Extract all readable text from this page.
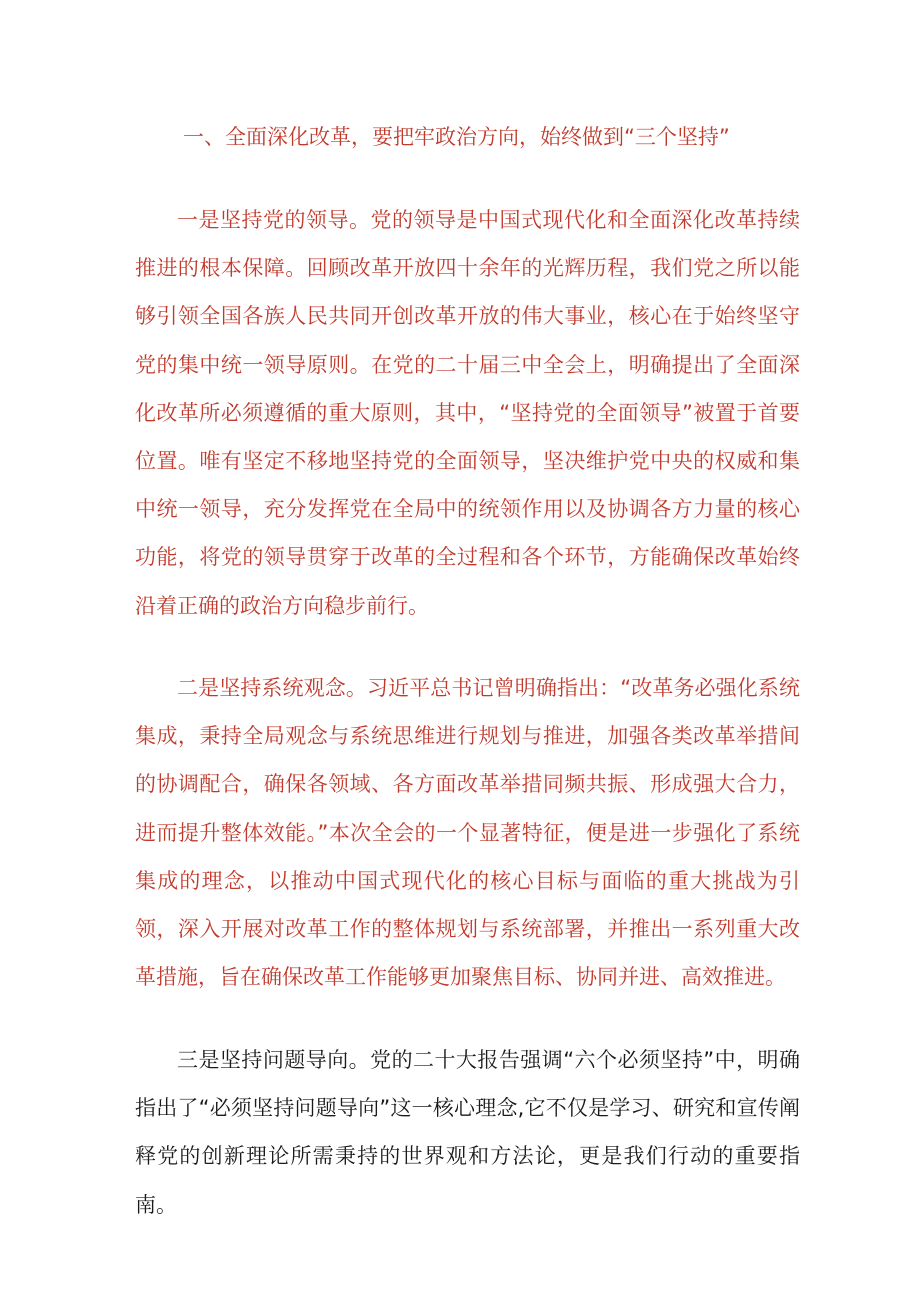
一、全面深化改革，要把牢政治方向，始终做到“三个坚持”

一是坚持党的领导。党的领导是中国式现代化和全面深化改革持续推进的根本保障。回顾改革开放四十余年的光辉历程，我们党之所以能够引领全国各族人民共同开创改革开放的伟大事业，核心在于始终坚守党的集中统一领导原则。在党的二十届三中全会上，明确提出了全面深化改革所必须遵循的重大原则，其中，“坚持党的全面领导”被置于首要位置。唯有坚定不移地坚持党的全面领导，坚决维护党中央的权威和集中统一领导，充分发挥党在全局中的统领作用以及协调各方力量的核心功能，将党的领导贯穿于改革的全过程和各个环节，方能确保改革始终沿着正确的政治方向稳步前行。

二是坚持系统观念。习近平总书记曾明确指出：“改革务必强化系统集成，秉持全局观念与系统思维进行规划与推进，加强各类改革举措间的协调配合，确保各领域、各方面改革举措同频共振、形成强大合力，进而提升整体效能。”本次全会的一个显著特征，便是进一步强化了系统集成的理念，以推动中国式现代化的核心目标与面临的重大挑战为引领，深入开展对改革工作的整体规划与系统部署，并推出一系列重大改革措施，旨在确保改革工作能够更加聚焦目标、协同并进、高效推进。

三是坚持问题导向。党的二十大报告强调“六个必须坚持”中，明确指出了“必须坚持问题导向”这一核心理念,它不仅是学习、研究和宣传阐释党的创新理论所需秉持的世界观和方法论，更是我们行动的重要指南。
